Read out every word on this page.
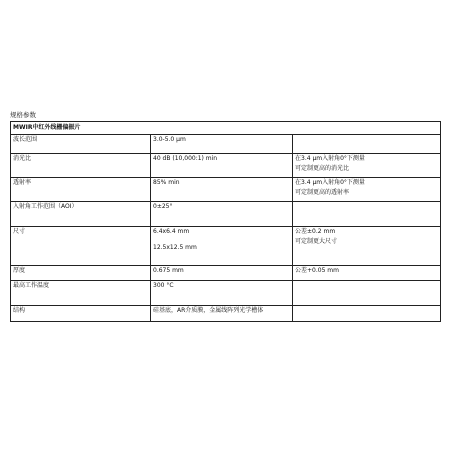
规格参数
MWIR中红外线栅偏振片		
波长范围	3.0-5.0 μm	

消光比	40 dB (10,000:1) min	在3.4 μm入射角0°下测量
可定制更高的消光比

透射率	85% min	在3.4 μm入射角0°下测量
可定制更高的透射率

入射角工作范围（AOI）	0±25°	

尺寸	6.4x6.4 mm
12.5x12.5 mm	公差±0.2 mm
可定制更大尺寸

厚度	0.675 mm	公差+0.05 mm

最高工作温度	300 °C	

结构	硅基底，AR介质膜，金属线阵列光学槽体	
